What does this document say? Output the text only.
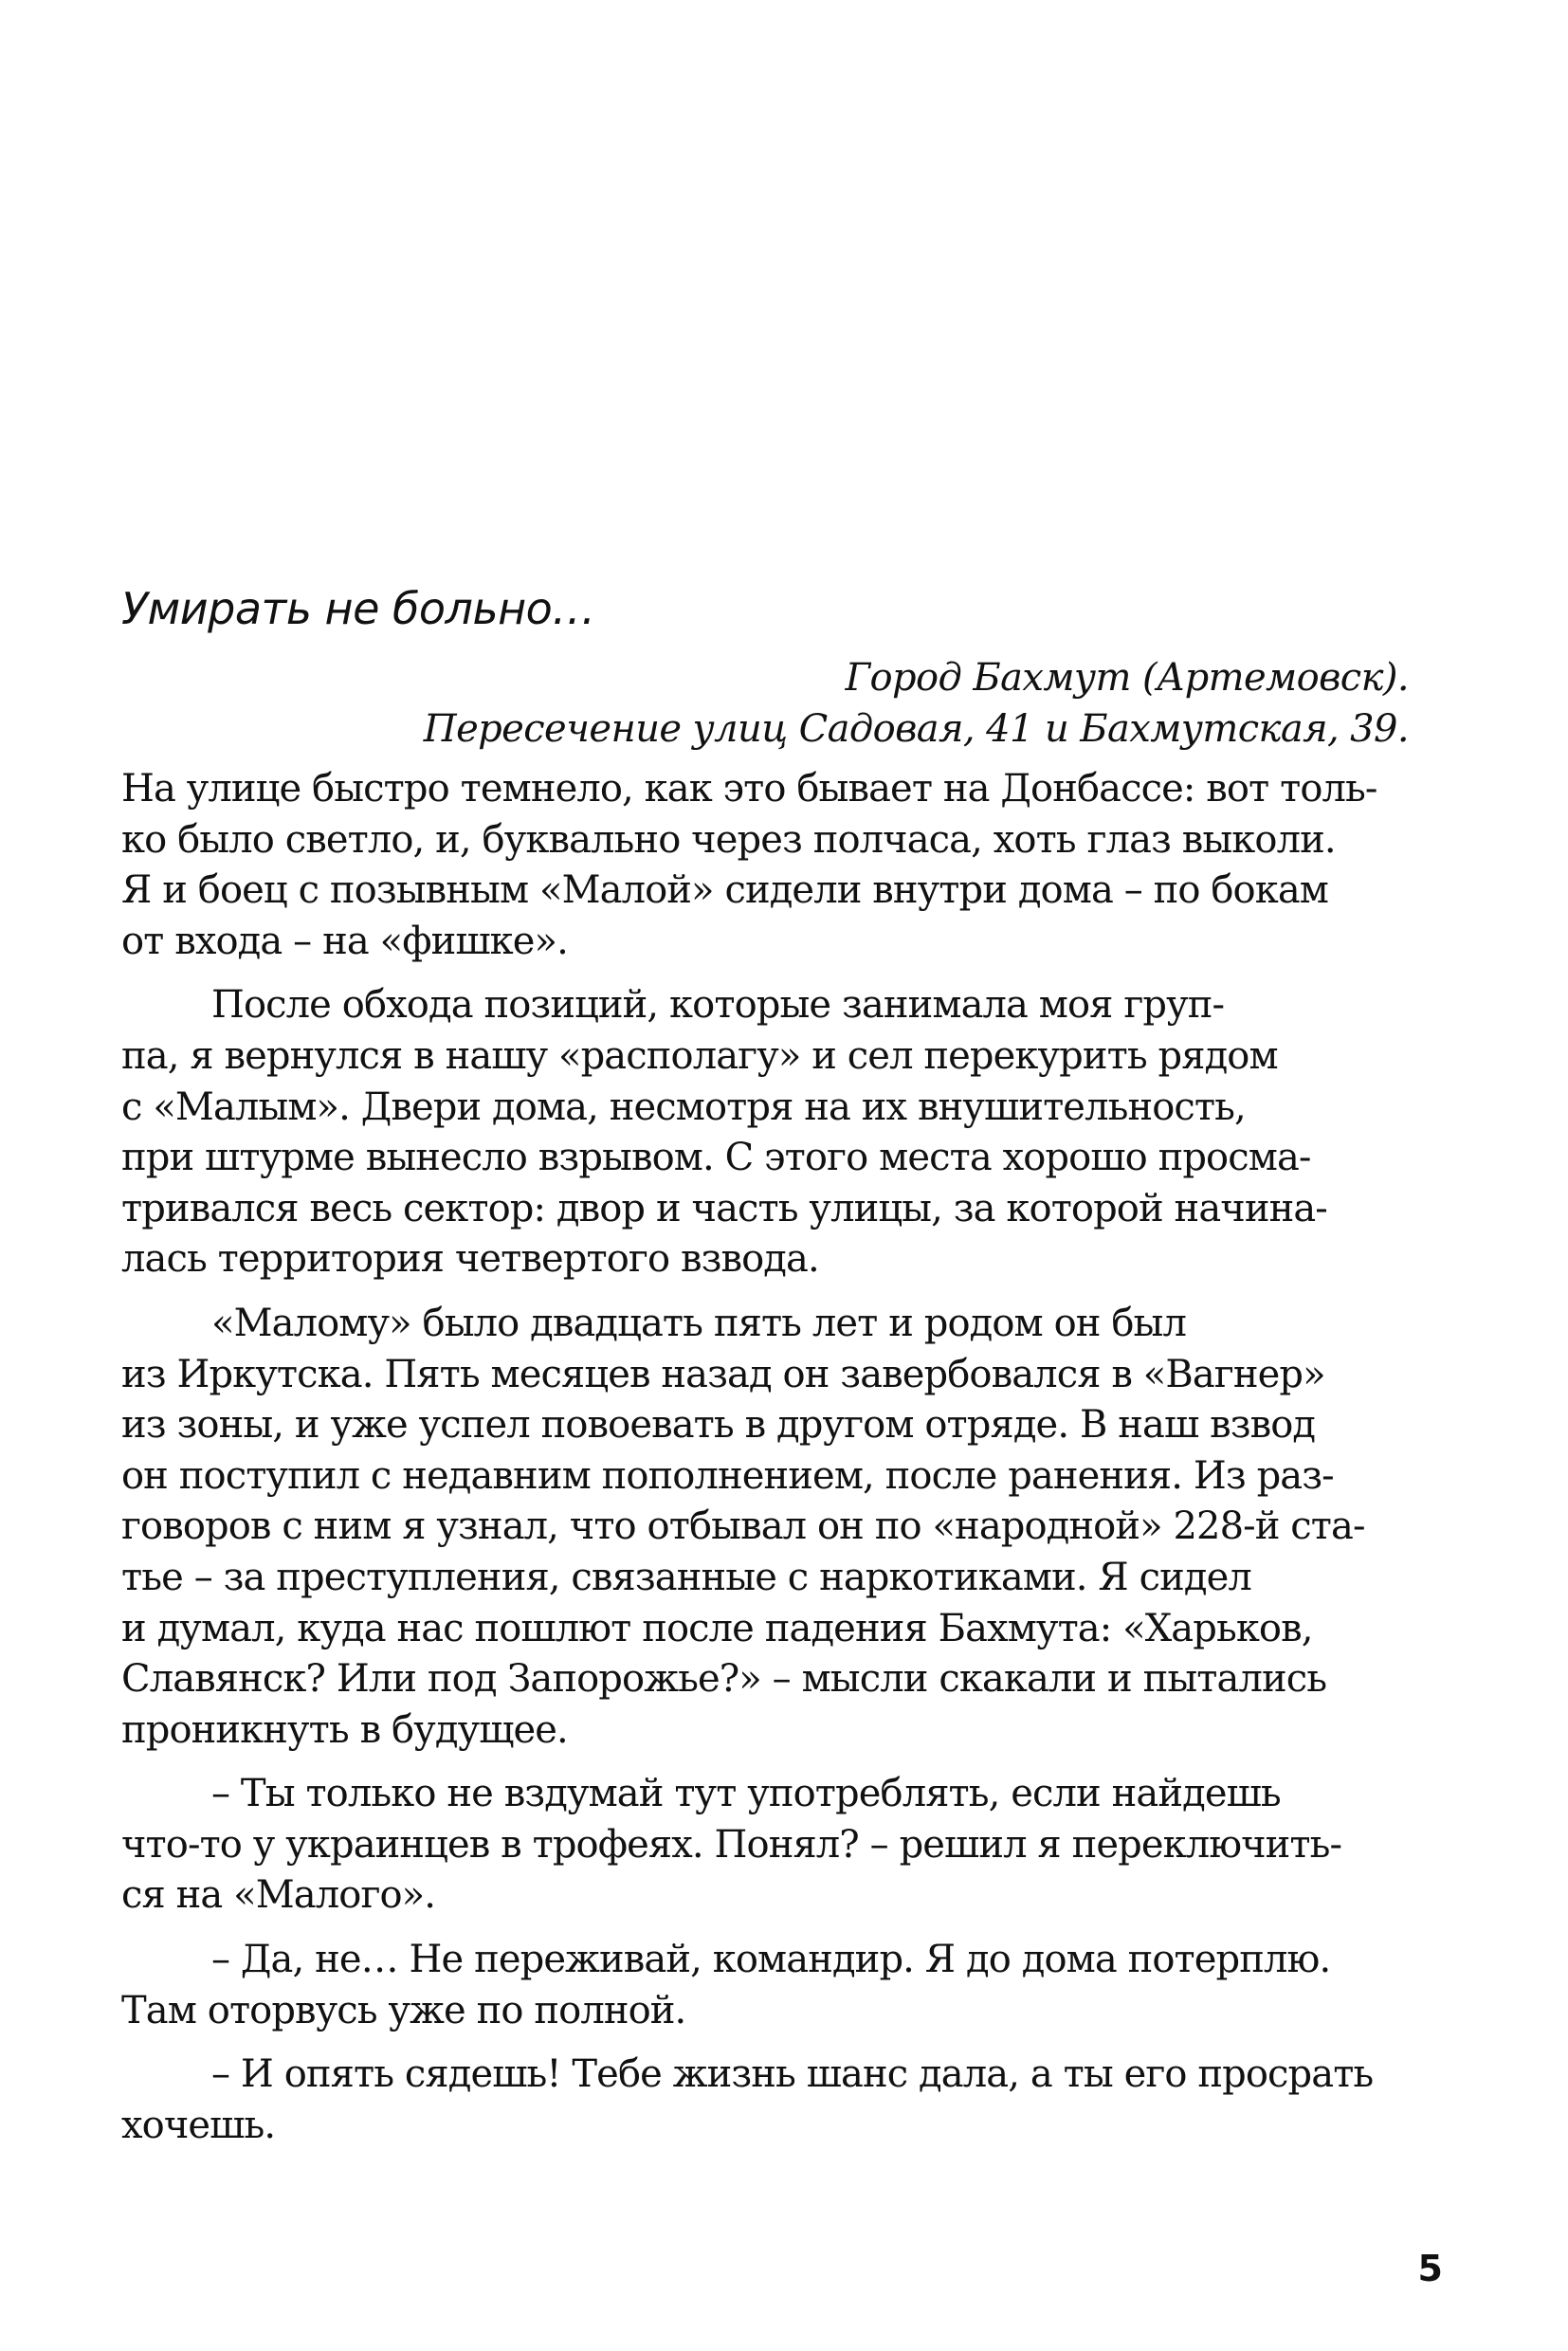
Умирать не больно…
Город Бахмут (Артемовск).
Пересечение улиц Садовая, 41 и Бахмутская, 39.

На улице быстро темнело, как это бывает на Донбассе: вот толь-
ко было светло, и, буквально через полчаса, хоть глаз выколи.
Я и боец с позывным «Малой» сидели внутри дома – по бокам
от входа – на «фишке».

После обхода позиций, которые занимала моя груп-
па, я вернулся в нашу «располагу» и сел перекурить рядом
с «Малым». Двери дома, несмотря на их внушительность,
при штурме вынесло взрывом. С этого места хорошо просма-
тривался весь сектор: двор и часть улицы, за которой начина-
лась территория четвертого взвода.

«Малому» было двадцать пять лет и родом он был
из Иркутска. Пять месяцев назад он завербовался в «Вагнер»
из зоны, и уже успел повоевать в другом отряде. В наш взвод
он поступил с недавним пополнением, после ранения. Из раз-
говоров с ним я узнал, что отбывал он по «народной» 228-й ста-
тье – за преступления, связанные с наркотиками. Я сидел
и думал, куда нас пошлют после падения Бахмута: «Харьков,
Славянск? Или под Запорожье?» – мысли скакали и пытались
проникнуть в будущее.

– Ты только не вздумай тут употреблять, если найдешь
что-то у украинцев в трофеях. Понял? – решил я переключить-
ся на «Малого».

– Да, не… Не переживай, командир. Я до дома потерплю.
Там оторвусь уже по полной.

– И опять сядешь! Тебе жизнь шанс дала, а ты его просрать
хочешь.

5
